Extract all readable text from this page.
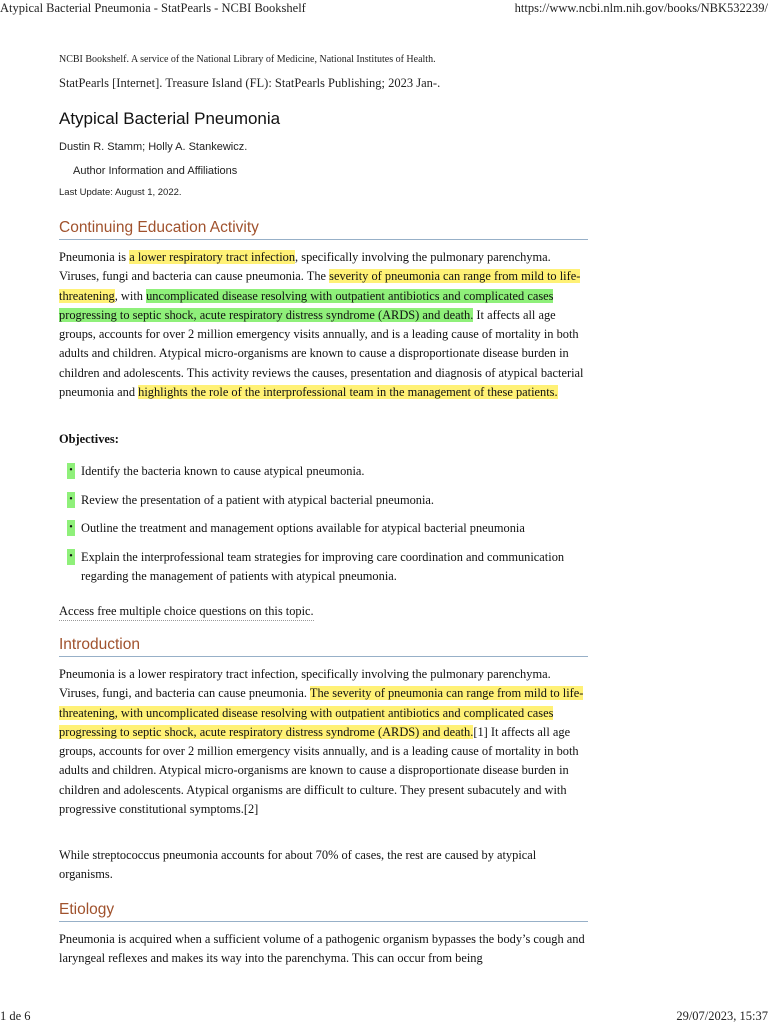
Atypical Bacterial Pneumonia - StatPearls - NCBI Bookshelf	https://www.ncbi.nlm.nih.gov/books/NBK532239/
NCBI Bookshelf. A service of the National Library of Medicine, National Institutes of Health.
StatPearls [Internet]. Treasure Island (FL): StatPearls Publishing; 2023 Jan-.
Atypical Bacterial Pneumonia
Dustin R. Stamm; Holly A. Stankewicz.
Author Information and Affiliations
Last Update: August 1, 2022.
Continuing Education Activity

Pneumonia is a lower respiratory tract infection, specifically involving the pulmonary parenchyma. Viruses, fungi and bacteria can cause pneumonia. The severity of pneumonia can range from mild to life-threatening, with uncomplicated disease resolving with outpatient antibiotics and complicated cases progressing to septic shock, acute respiratory distress syndrome (ARDS) and death. It affects all age groups, accounts for over 2 million emergency visits annually, and is a leading cause of mortality in both adults and children. Atypical micro-organisms are known to cause a disproportionate disease burden in children and adolescents. This activity reviews the causes, presentation and diagnosis of atypical bacterial pneumonia and highlights the role of the interprofessional team in the management of these patients.

Objectives:
• Identify the bacteria known to cause atypical pneumonia.
• Review the presentation of a patient with atypical bacterial pneumonia.
• Outline the treatment and management options available for atypical bacterial pneumonia
• Explain the interprofessional team strategies for improving care coordination and communication regarding the management of patients with atypical pneumonia.
Access free multiple choice questions on this topic.
Introduction

Pneumonia is a lower respiratory tract infection, specifically involving the pulmonary parenchyma. Viruses, fungi, and bacteria can cause pneumonia. The severity of pneumonia can range from mild to life-threatening, with uncomplicated disease resolving with outpatient antibiotics and complicated cases progressing to septic shock, acute respiratory distress syndrome (ARDS) and death.[1] It affects all age groups, accounts for over 2 million emergency visits annually, and is a leading cause of mortality in both adults and children. Atypical micro-organisms are known to cause a disproportionate disease burden in children and adolescents. Atypical organisms are difficult to culture. They present subacutely and with progressive constitutional symptoms.[2]

While streptococcus pneumonia accounts for about 70% of cases, the rest are caused by atypical organisms.

Etiology

Pneumonia is acquired when a sufficient volume of a pathogenic organism bypasses the body’s cough and laryngeal reflexes and makes its way into the parenchyma. This can occur from being

1 de 6	29/07/2023, 15:37
